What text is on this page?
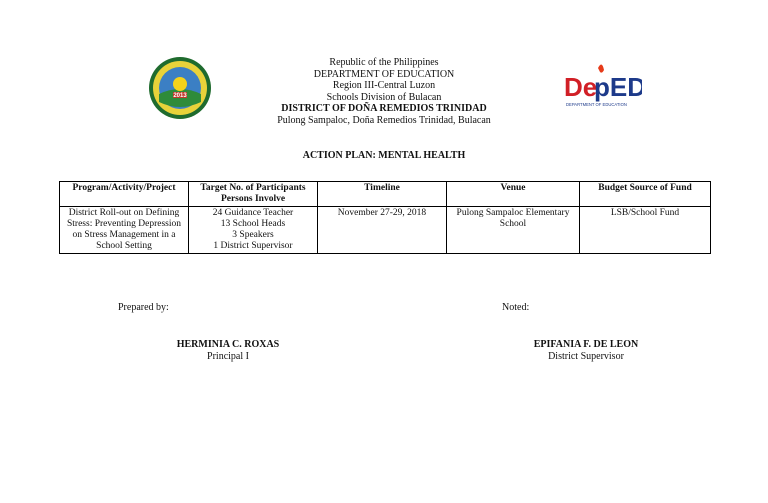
2013
Republic of the Philippines
DEPARTMENT OF EDUCATION
Region III-Central Luzon
Schools Division of Bulacan
DISTRICT OF DOÑA REMEDIOS TRINIDAD
Pulong Sampaloc, Doña Remedios Trinidad, Bulacan
De
pED
DEPARTMENT OF EDUCATION
ACTION PLAN: MENTAL HEALTH
Program/Activity/Project	Target No. of Participants Persons Involve	Timeline	Venue	Budget Source of Fund
District Roll-out on Defining Stress: Preventing Depression on Stress Management in a School Setting	24 Guidance Teacher
13 School Heads
3 Speakers
1 District Supervisor	November 27-29, 2018	Pulong Sampaloc Elementary School	LSB/School Fund
Prepared by:	Noted:
HERMINIA C. ROXAS
Principal I
EPIFANIA F. DE LEON
District Supervisor
